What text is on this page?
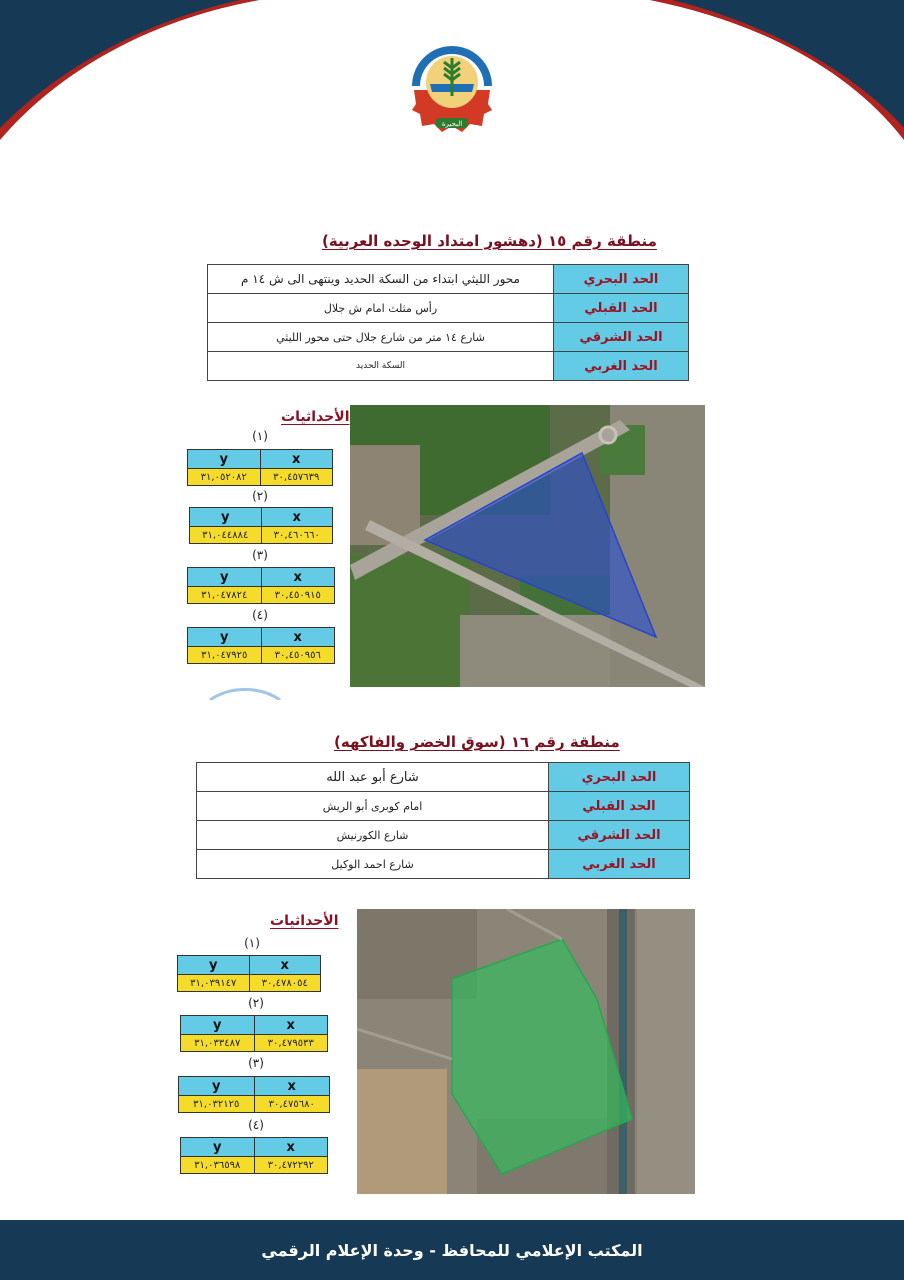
البحيرة
منطقة رقم ١٥ (دهشور امتداد الوحده العربية)
الحد البحري	محور الليثي ابتداء من السكة الحديد وينتهى الى ش ١٤ م
الحد القبلي	رأس مثلث امام ش جلال
الحد الشرقي	شارع ١٤ متر من شارع جلال حتى محور الليثي
الحد الغربي	السكة الحديد
الأحداثيات
(١)
y	x
٣١,٠٥٢٠٨٢	٣٠,٤٥٧٦٣٩
(٢)
y	x
٣١,٠٤٤٨٨٤	٣٠,٤٦٠٦٦٠
(٣)
y	x
٣١,٠٤٧٨٢٤	٣٠,٤٥٠٩١٥
(٤)
y	x
٣١,٠٤٧٩٢٥	٣٠,٤٥٠٩٥٦
منطقة رقم ١٦ (سوق الخضر والفاكهه)
الحد البحري	شارع أبو عبد الله
الحد القبلي	امام كوبرى أبو الريش
الحد الشرقي	شارع الكورنيش
الحد الغربي	شارع احمد الوكيل
الأحداثيات
(١)
y	x
٣١,٠٣٩١٤٧	٣٠,٤٧٨٠٥٤
(٢)
y	x
٣١,٠٣٣٤٨٧	٣٠,٤٧٩٥٣٣
(٣)
y	x
٣١,٠٣٢١٢٥	٣٠,٤٧٥٦٨٠
(٤)
y	x
٣١,٠٣٦٥٩٨	٣٠,٤٧٢٢٩٢
المكتب الإعلامي للمحافظ - وحدة الإعلام الرقمي
